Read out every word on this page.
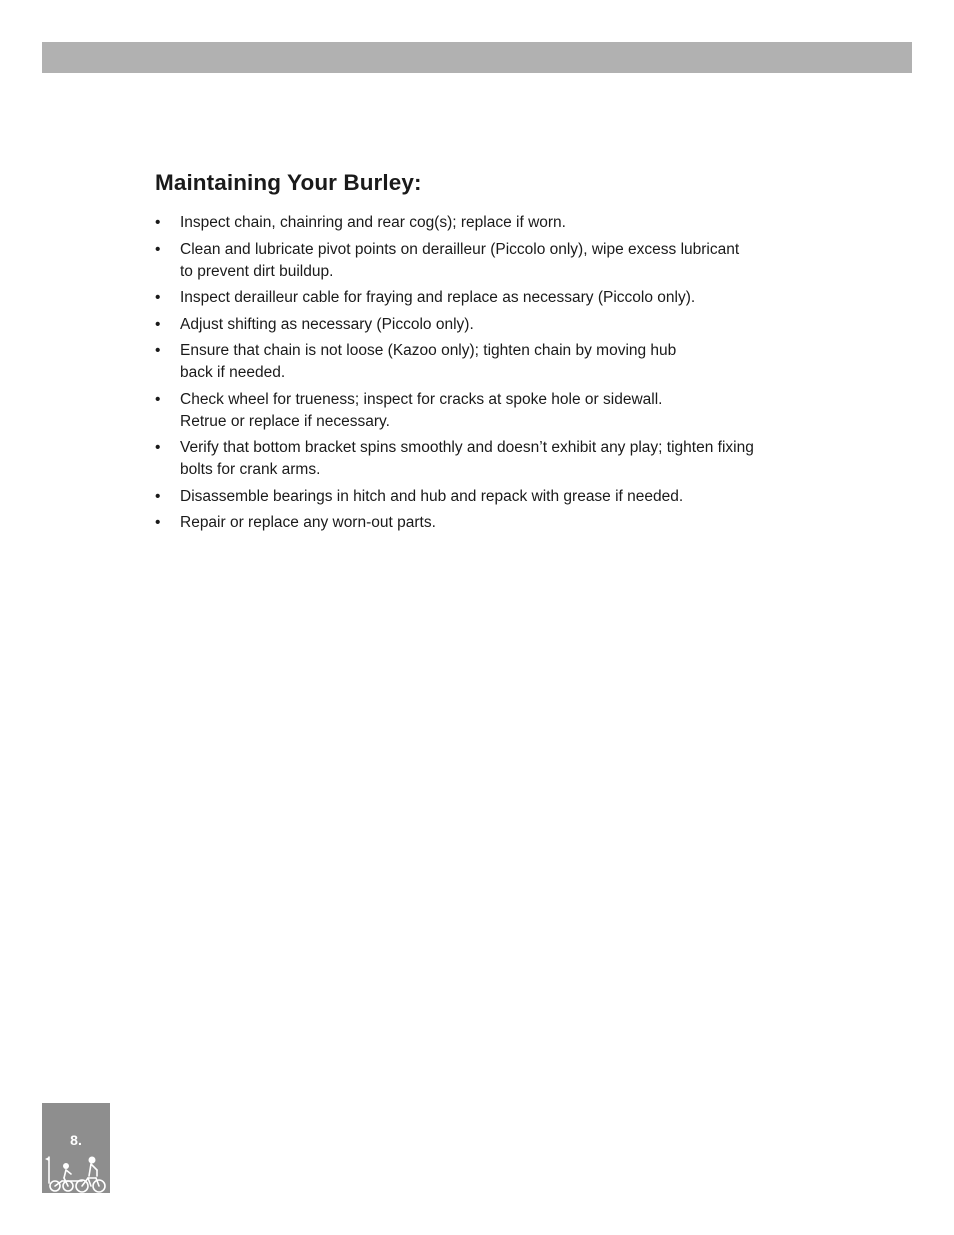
Maintaining Your Burley:
• Inspect chain, chainring and rear cog(s); replace if worn.
• Clean and lubricate pivot points on derailleur (Piccolo only), wipe excess lubricant
to prevent dirt buildup.
• Inspect derailleur cable for fraying and replace as necessary (Piccolo only).
• Adjust shifting as necessary (Piccolo only).
• Ensure that chain is not loose (Kazoo only); tighten chain by moving hub
back if needed.
• Check wheel for trueness; inspect for cracks at spoke hole or sidewall.
Retrue or replace if necessary.
• Verify that bottom bracket spins smoothly and doesn’t exhibit any play; tighten fixing
bolts for crank arms.
• Disassemble bearings in hitch and hub and repack with grease if needed.
• Repair or replace any worn-out parts.
8.
